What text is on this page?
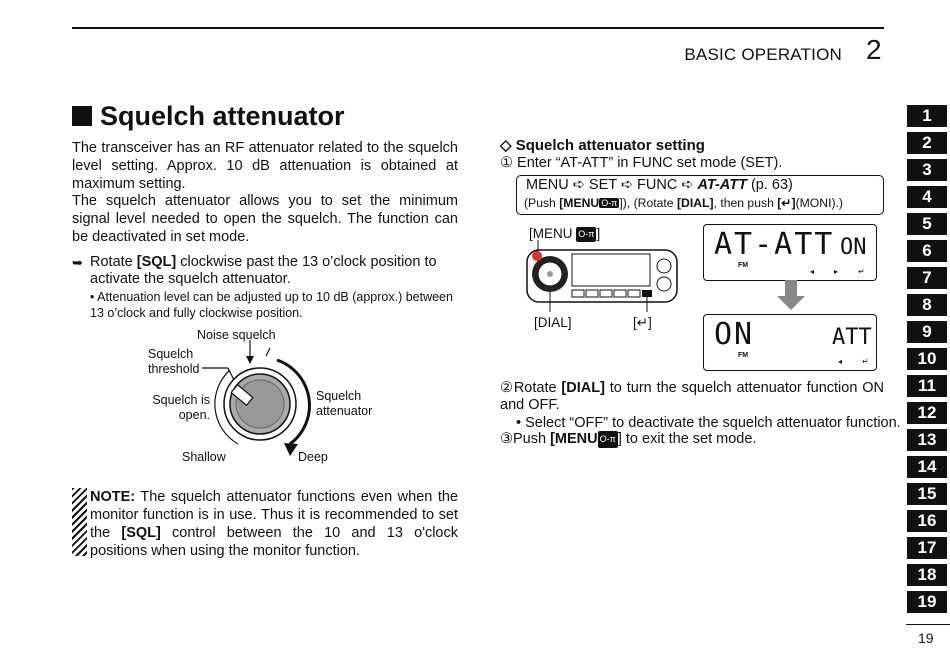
BASIC OPERATION 2
Squelch attenuator
The transceiver has an RF attenuator related to the squelch level setting. Approx. 10 dB attenuation is obtained at maximum setting.
The squelch attenuator allows you to set the minimum signal level needed to open the squelch. The function can be deactivated in set mode.
➥ Rotate [SQL] clockwise past the 13 o’clock position to activate the squelch attenuator.
• Attenuation level can be adjusted up to 10 dB (approx.) between 13 o’clock and fully clockwise position.
Noise squelch
Squelch threshold
Squelch is open.
Squelch attenuator
Shallow	Deep
NOTE: The squelch attenuator functions even when the monitor function is in use. Thus it is recommended to set the [SQL] control between the 10 and 13 o'clock positions when using the monitor function.
◇ Squelch attenuator setting
① Enter “AT-ATT” in FUNC set mode (SET).
MENU ➪ SET ➪ FUNC ➪ AT-ATT (p. 63)
(Push [MENU O-π ]), (Rotate [DIAL], then push [↵](MONI).)
[MENU O-π ]
[DIAL]	[↵]
AT-ATT ON
FM
◂▸↵
ON	ATT
FM
◂↵
②Rotate [DIAL] to turn the squelch attenuator function ON and OFF.
• Select “OFF” to deactivate the squelch attenuator function.
③Push [MENU O-π ] to exit the set mode.
1
2
3
4
5
6
7
8
9
10
11
12
13
14
15
16
17
18
19
19
